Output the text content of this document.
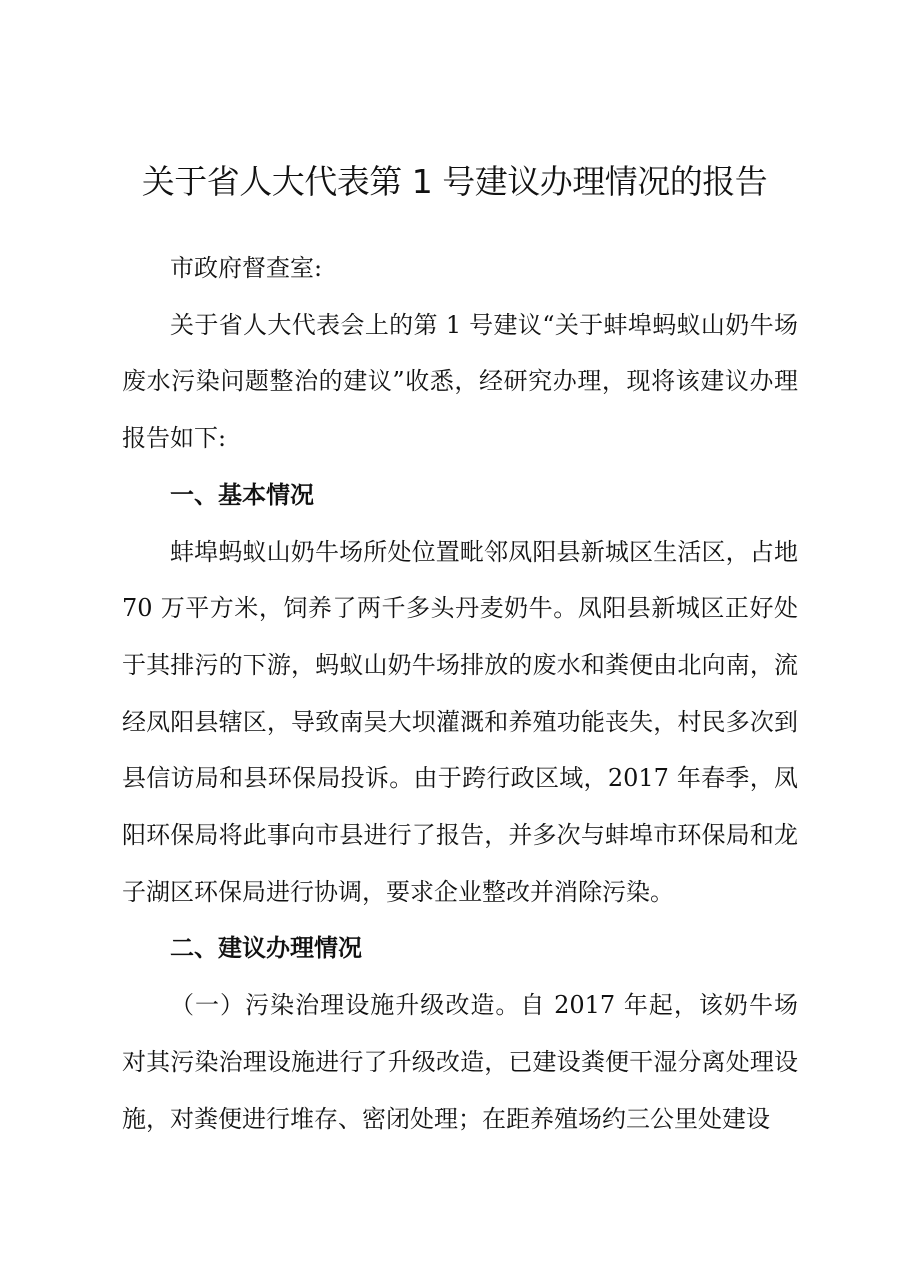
关于省人大代表第 1 号建议办理情况的报告

市政府督查室:

关于省人大代表会上的第 1 号建议“关于蚌埠蚂蚁山奶牛场废水污染问题整治的建议”收悉，经研究办理，现将该建议办理报告如下:

一、基本情况

蚌埠蚂蚁山奶牛场所处位置毗邻凤阳县新城区生活区，占地 70 万平方米，饲养了两千多头丹麦奶牛。凤阳县新城区正好处于其排污的下游，蚂蚁山奶牛场排放的废水和粪便由北向南，流经凤阳县辖区，导致南吴大坝灌溉和养殖功能丧失，村民多次到县信访局和县环保局投诉。由于跨行政区域，2017 年春季，凤阳环保局将此事向市县进行了报告，并多次与蚌埠市环保局和龙子湖区环保局进行协调，要求企业整改并消除污染。

二、建议办理情况

（一）污染治理设施升级改造。自 2017 年起，该奶牛场对其污染治理设施进行了升级改造，已建设粪便干湿分离处理设施，对粪便进行堆存、密闭处理；在距养殖场约三公里处建设
